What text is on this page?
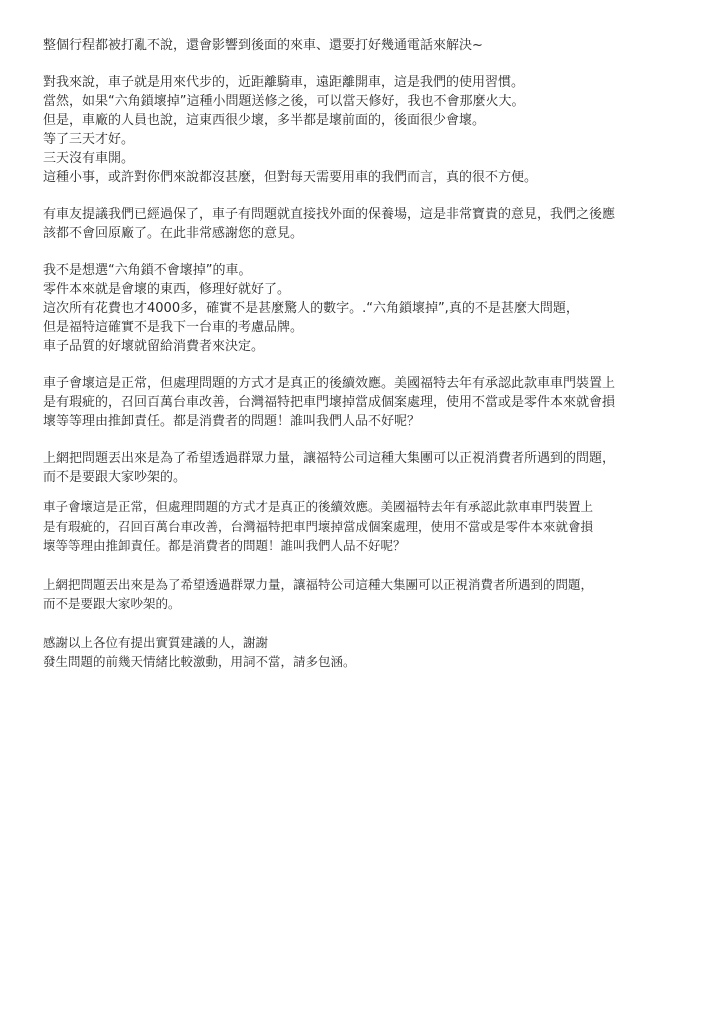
整個行程都被打亂不說，還會影響到後面的來車、還要打好幾通電話來解決~
對我來說，車子就是用來代步的，近距離騎車，遠距離開車，這是我們的使用習慣。
當然，如果“六角鎖壞掉”這種小問題送修之後，可以當天修好，我也不會那麼火大。
但是，車廠的人員也說，這東西很少壞，多半都是壞前面的，後面很少會壞。
等了三天才好。
三天沒有車開。
這種小事，或許對你們來說都沒甚麼，但對每天需要用車的我們而言，真的很不方便。
有車友提議我們已經過保了，車子有問題就直接找外面的保養場，這是非常寶貴的意見，我們之後應
該都不會回原廠了。在此非常感謝您的意見。
我不是想選“六角鎖不會壞掉”的車。
零件本來就是會壞的東西，修理好就好了。
這次所有花費也才4000多，確實不是甚麼驚人的數字。.“六角鎖壞掉”,真的不是甚麼大問題，
但是福特這確實不是我下一台車的考慮品牌。
車子品質的好壞就留給消費者來決定。
車子會壞這是正常，但處理問題的方式才是真正的後續效應。美國福特去年有承認此款車車門裝置上
是有瑕疵的，召回百萬台車改善，台灣福特把車門壞掉當成個案處理，使用不當或是零件本來就會損
壞等等理由推卸責任。都是消費者的問題！誰叫我們人品不好呢？
上網把問題丟出來是為了希望透過群眾力量，讓福特公司這種大集團可以正視消費者所遇到的問題，
而不是要跟大家吵架的。
車子會壞這是正常，但處理問題的方式才是真正的後續效應。美國福特去年有承認此款車車門裝置上
是有瑕疵的，召回百萬台車改善，台灣福特把車門壞掉當成個案處理，使用不當或是零件本來就會損
壞等等理由推卸責任。都是消費者的問題！誰叫我們人品不好呢？
上網把問題丟出來是為了希望透過群眾力量，讓福特公司這種大集團可以正視消費者所遇到的問題，
而不是要跟大家吵架的。
感謝以上各位有提出實質建議的人，謝謝
發生問題的前幾天情緒比較激動，用詞不當，請多包涵。
